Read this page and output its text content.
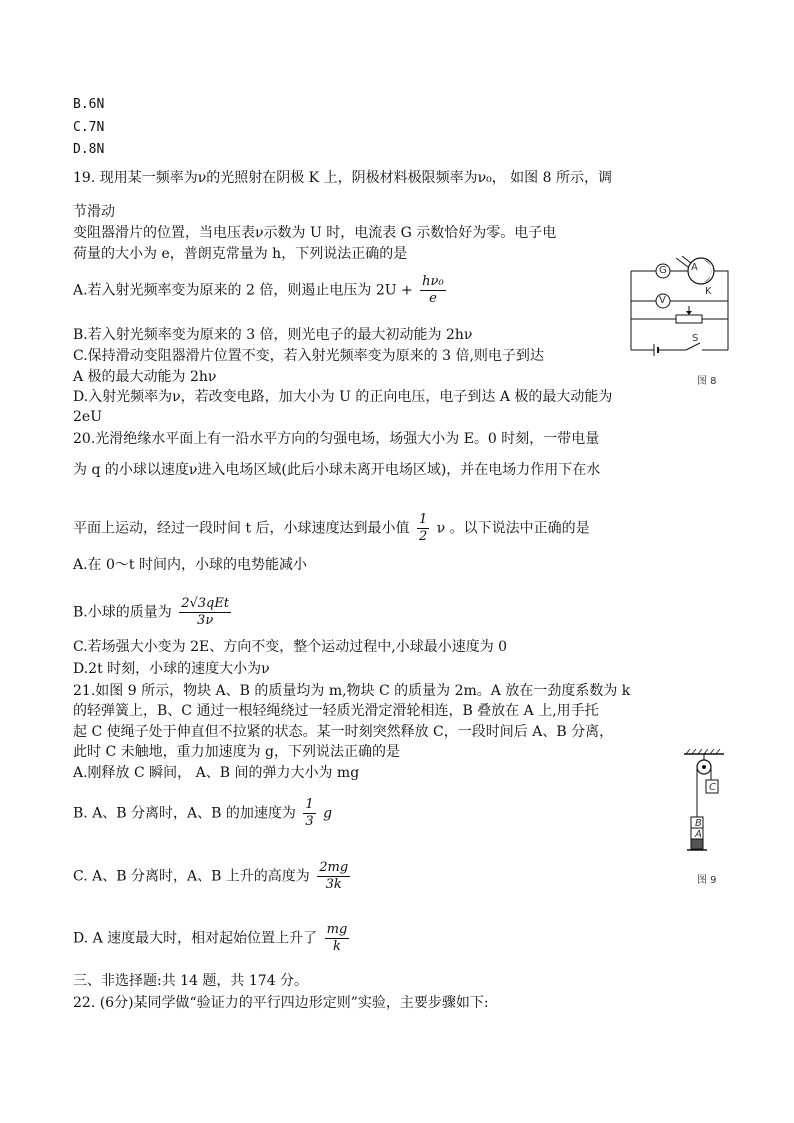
B.6N
C.7N
D.8N
19. 现用某一频率为ν的光照射在阴极 K 上，阴极材料极限频率为ν₀， 如图 8 所示，调
节滑动
变阻器滑片的位置，当电压表ν示数为 U 时，电流表 G 示数恰好为零。电子电
荷量的大小为 e，普朗克常量为 h，下列说法正确的是
A.若入射光频率变为原来的 2 倍，则遏止电压为 $2U + \frac{\text{hν₀}}{e}$
B.若入射光频率变为原来的 3 倍，则光电子的最大初动能为 2hν
C.保持滑动变阻器滑片位置不变，若入射光频率变为原来的 3 倍,则电子到达
A 极的最大动能为 2hν
D.入射光频率为ν，若改变电路，加大小为 U 的正向电压，电子到达 A 极的最大动能为
2eU
G
V
A
K
S
图 8
20.光滑绝缘水平面上有一沿水平方向的匀强电场，场强大小为 E。0 时刻，一带电量
为 q 的小球以速度ν进入电场区域(此后小球未离开电场区域)，并在电场力作用下在水
平面上运动，经过一段时间 t 后，小球速度达到最小值 $\frac{1}{2}$ ν 。以下说法中正确的是
A.在 0～t 时间内，小球的电势能减小
B.小球的质量为 $\frac{\text{2√3qEt}}{3\nu}$
C.若场强大小变为 2E、方向不变，整个运动过程中,小球最小速度为 0
D.2t 时刻，小球的速度大小为ν
21.如图 9 所示，物块 A、B 的质量均为 m,物块 C 的质量为 2m。A 放在一劲度系数为 k
的轻弹簧上，B、C 通过一根轻绳绕过一轻质光滑定滑轮相连，B 叠放在 A 上,用手托
起 C 使绳子处于伸直但不拉紧的状态。某一时刻突然释放 C，一段时间后 A、B 分离，
此时 C 未触地，重力加速度为 g，下列说法正确的是
A.刚释放 C 瞬间， A、B 间的弹力大小为 mg
B. A、B 分离时，A、B 的加速度为 $\frac{1}{3}$ g
C. A、B 分离时，A、B 上升的高度为 $\frac{2mg}{3k}$
D. A 速度最大时，相对起始位置上升了 $\frac{mg}{k}$
C
B
A
图 9
三、非选择题:共 14 题，共 174 分。
22. (6分)某同学做“验证力的平行四边形定则”实验，主要步骤如下:
